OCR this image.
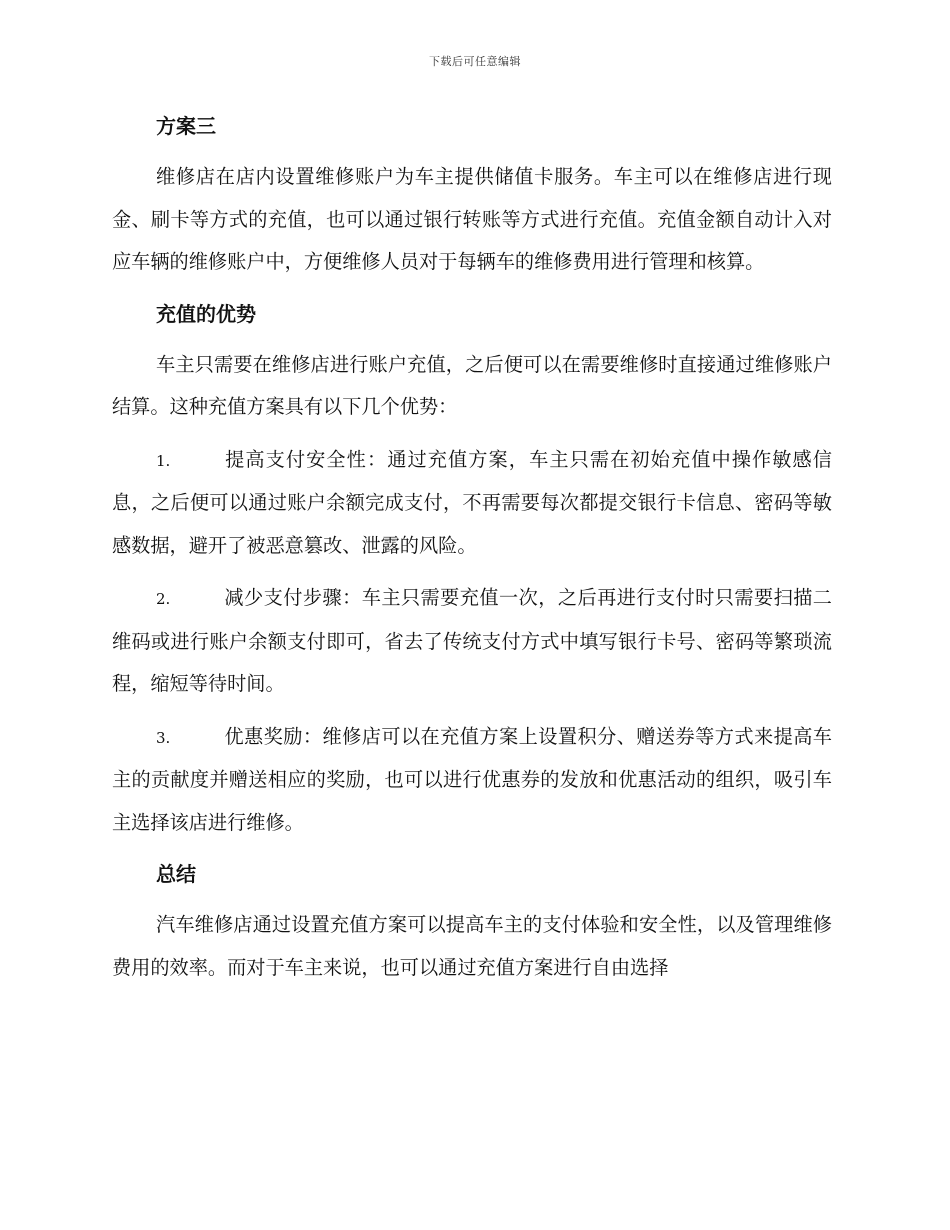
下载后可任意编辑
方案三

维修店在店内设置维修账户为车主提供储值卡服务。车主可以在维修店进行现金、刷卡等方式的充值，也可以通过银行转账等方式进行充值。充值金额自动计入对应车辆的维修账户中，方便维修人员对于每辆车的维修费用进行管理和核算。

充值的优势

车主只需要在维修店进行账户充值，之后便可以在需要维修时直接通过维修账户结算。这种充值方案具有以下几个优势：

1.	提高支付安全性：通过充值方案，车主只需在初始充值中操作敏感信息，之后便可以通过账户余额完成支付，不再需要每次都提交银行卡信息、密码等敏感数据，避开了被恶意篡改、泄露的风险。

2.	减少支付步骤：车主只需要充值一次，之后再进行支付时只需要扫描二维码或进行账户余额支付即可，省去了传统支付方式中填写银行卡号、密码等繁琐流程，缩短等待时间。

3.	优惠奖励：维修店可以在充值方案上设置积分、赠送券等方式来提高车主的贡献度并赠送相应的奖励，也可以进行优惠券的发放和优惠活动的组织，吸引车主选择该店进行维修。

总结

汽车维修店通过设置充值方案可以提高车主的支付体验和安全性，以及管理维修费用的效率。而对于车主来说，也可以通过充值方案进行自由选择
